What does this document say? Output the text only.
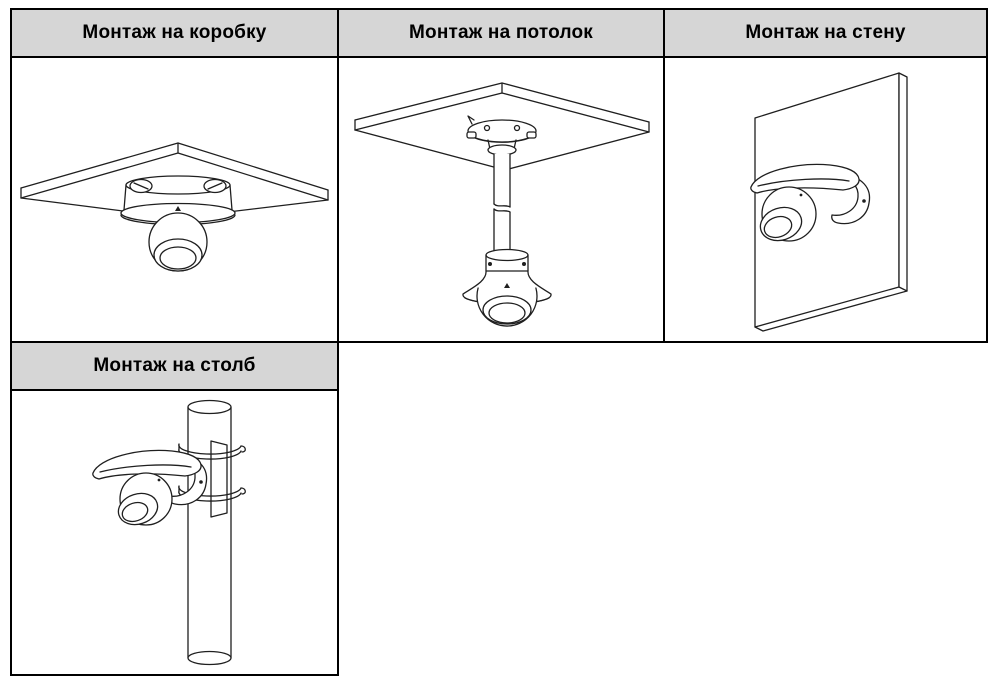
Монтаж на коробку	Монтаж на потолок	Монтаж на стену

Монтаж на столб
